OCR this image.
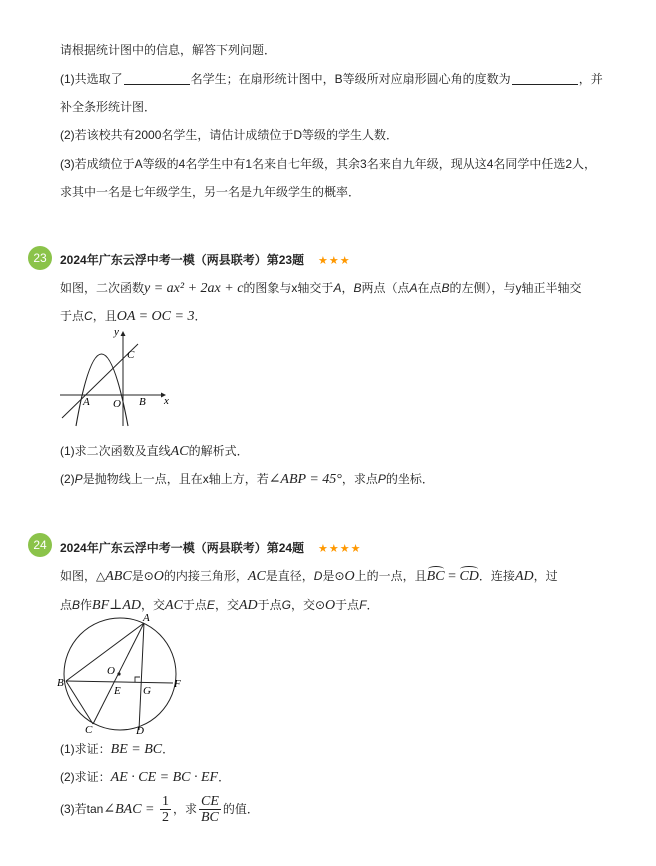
请根据统计图中的信息，解答下列问题．
(1)共选取了	名学生；在扇形统计图中，B等级所对应扇形圆心角的度数为	，并
补全条形统计图．
(2)若该校共有2000名学生，请估计成绩位于D等级的学生人数．
(3)若成绩位于A等级的4名学生中有1名来自七年级，其余3名来自九年级，现从这4名同学中任选2人，
求其中一名是七年级学生，另一名是九年级学生的概率．
23	2024年广东云浮中考一模（两县联考）第23题 ★★★
如图，二次函数y = ax² + 2ax + c的图象与x轴交于A，B两点（点A在点B的左侧），与y轴正半轴交
于点C，且OA = OC = 3．
y
x
C
A O B
(1)求二次函数及直线AC的解析式．
(2)P是抛物线上一点，且在x轴上方，若∠ABP = 45°，求点P的坐标．
24	2024年广东云浮中考一模（两县联考）第24题 ★★★★
如图，△ABC是⊙O的内接三角形，AC是直径，D是⊙O上的一点，且BC = CD．连接AD，过
点B作BF⊥AD，交AC于点E，交AD于点G，交⊙O于点F．
A
O
B
E G
F
C	D
(1)求证：BE = BC．
(2)求证：AE · CE = BC · EF．
(3)若tan∠BAC = $\frac{1}{2}$ ，求 $\frac{CE}{BC}$ 的值．
